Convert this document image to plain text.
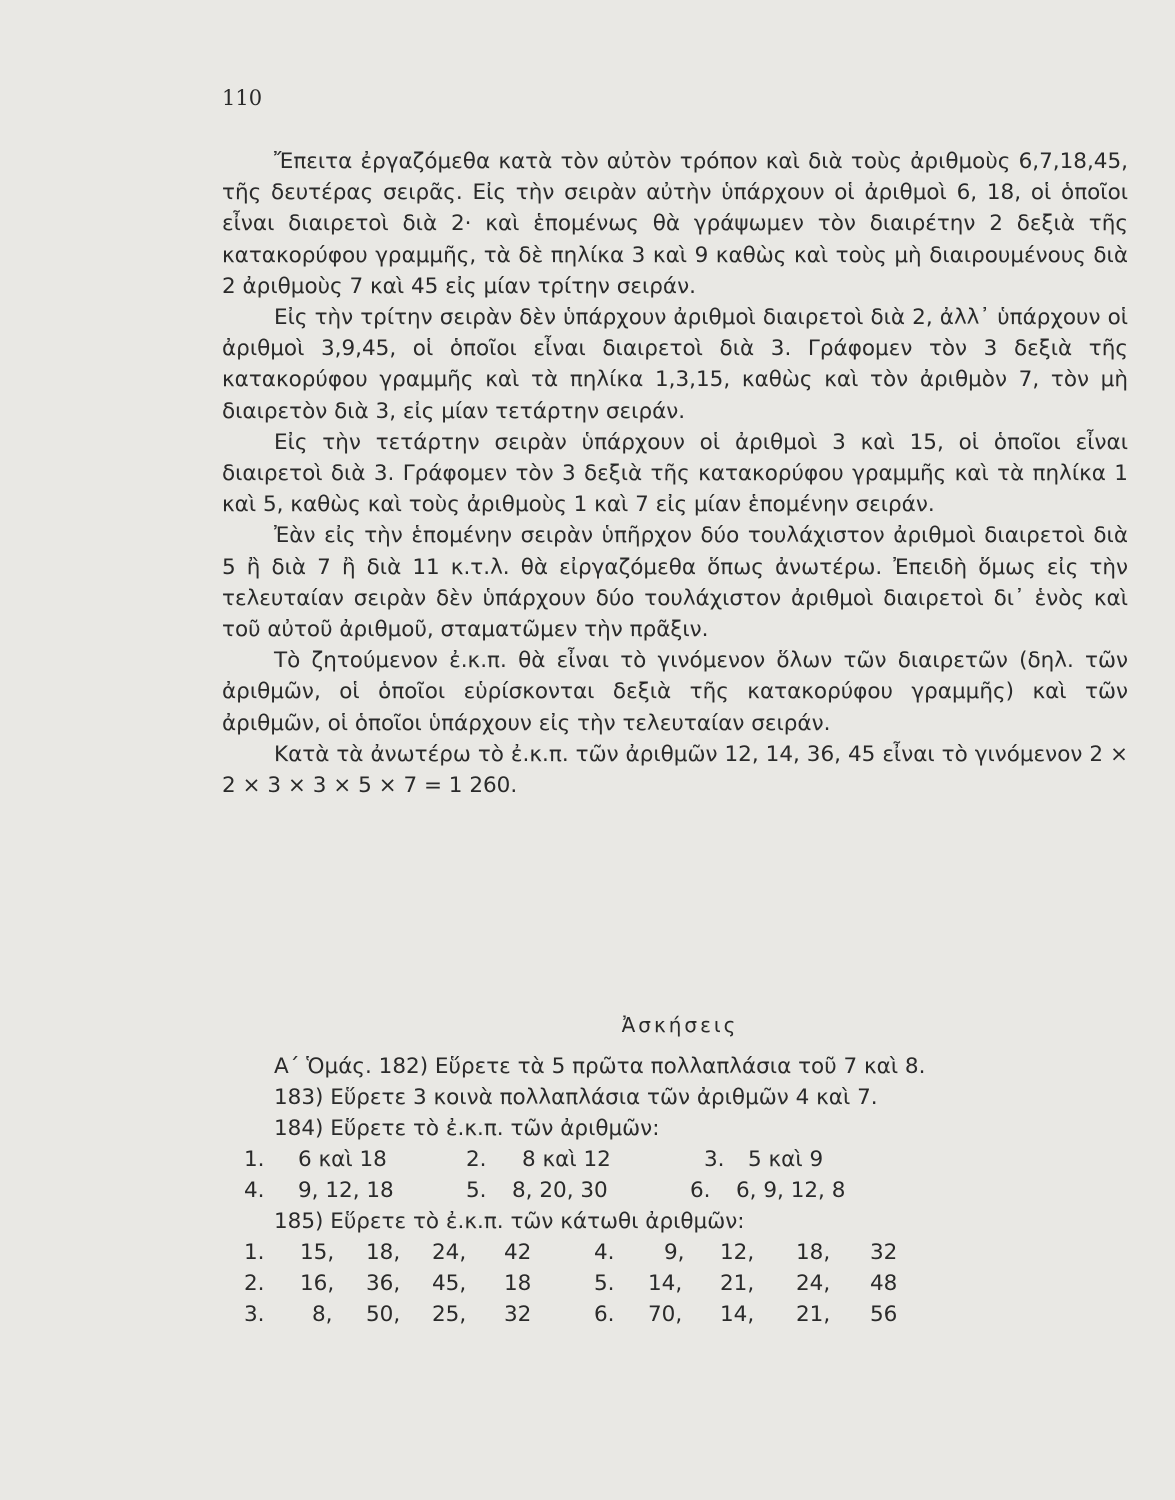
110

Ἔπειτα ἐργαζόμεθα κατὰ τὸν αὐτὸν τρόπον καὶ διὰ τοὺς ἀριθμοὺς 6,7,18,45, τῆς δευτέρας σειρᾶς. Εἰς τὴν σειρὰν αὐτὴν ὑπάρχουν οἱ ἀριθμοὶ 6, 18, οἱ ὁποῖοι εἶναι διαιρετοὶ διὰ 2· καὶ ἑπομένως θὰ γράψωμεν τὸν διαιρέτην 2 δεξιὰ τῆς κατακορύφου γραμμῆς, τὰ δὲ πηλίκα 3 καὶ 9 καθὼς καὶ τοὺς μὴ διαιρουμένους διὰ 2 ἀριθμοὺς 7 καὶ 45 εἰς μίαν τρίτην σειράν.

Εἰς τὴν τρίτην σειρὰν δὲν ὑπάρχουν ἀριθμοὶ διαιρετοὶ διὰ 2, ἀλλ᾿ ὑπάρχουν οἱ ἀριθμοὶ 3,9,45, οἱ ὁποῖοι εἶναι διαιρετοὶ διὰ 3. Γράφομεν τὸν 3 δεξιὰ τῆς κατακορύφου γραμμῆς καὶ τὰ πηλίκα 1,3,15, καθὼς καὶ τὸν ἀριθμὸν 7, τὸν μὴ διαιρετὸν διὰ 3, εἰς μίαν τετάρτην σειράν.

Εἰς τὴν τετάρτην σειρὰν ὑπάρχουν οἱ ἀριθμοὶ 3 καὶ 15, οἱ ὁποῖοι εἶναι διαιρετοὶ διὰ 3. Γράφομεν τὸν 3 δεξιὰ τῆς κατακορύφου γραμμῆς καὶ τὰ πηλίκα 1 καὶ 5, καθὼς καὶ τοὺς ἀριθμοὺς 1 καὶ 7 εἰς μίαν ἑπομένην σειράν.

Ἐὰν εἰς τὴν ἑπομένην σειρὰν ὑπῆρχον δύο τουλάχιστον ἀριθμοὶ διαιρετοὶ διὰ 5 ἢ διὰ 7 ἢ διὰ 11 κ.τ.λ. θὰ εἰργαζόμεθα ὅπως ἀνωτέρω. Ἐπειδὴ ὅμως εἰς τὴν τελευταίαν σειρὰν δὲν ὑπάρχουν δύο τουλάχιστον ἀριθμοὶ διαιρετοὶ δι᾿ ἑνὸς καὶ τοῦ αὐτοῦ ἀριθμοῦ, σταματῶμεν τὴν πρᾶξιν.

Τὸ ζητούμενον ἐ.κ.π. θὰ εἶναι τὸ γινόμενον ὅλων τῶν διαιρετῶν (δηλ. τῶν ἀριθμῶν, οἱ ὁποῖοι εὑρίσκονται δεξιὰ τῆς κατακορύφου γραμμῆς) καὶ τῶν ἀριθμῶν, οἱ ὁποῖοι ὑπάρχουν εἰς τὴν τελευταίαν σειράν.

Κατὰ τὰ ἀνωτέρω τὸ ἐ.κ.π. τῶν ἀριθμῶν 12, 14, 36, 45 εἶναι τὸ γινόμενον 2 × 2 × 3 × 3 × 5 × 7 = 1 260.

Ἀσκήσεις
Α΄ Ὁμάς. 182) Εὕρετε τὰ 5 πρῶτα πολλαπλάσια τοῦ 7 καὶ 8.
183) Εὕρετε 3 κοινὰ πολλαπλάσια τῶν ἀριθμῶν 4 καὶ 7.
184) Εὕρετε τὸ ἐ.κ.π. τῶν ἀριθμῶν:
1. 6 καὶ 18	2. 8 καὶ 12	3. 5 καὶ 9
4. 9, 12, 18	5. 8, 20, 30	6. 6, 9, 12, 8
185) Εὕρετε τὸ ἐ.κ.π. τῶν κάτωθι ἀριθμῶν:
1. 15, 18, 24, 42	4. 9, 12, 18, 32
2. 16, 36, 45, 18	5. 14, 21, 24, 48
3. 8, 50, 25, 32	6. 70, 14, 21, 56
